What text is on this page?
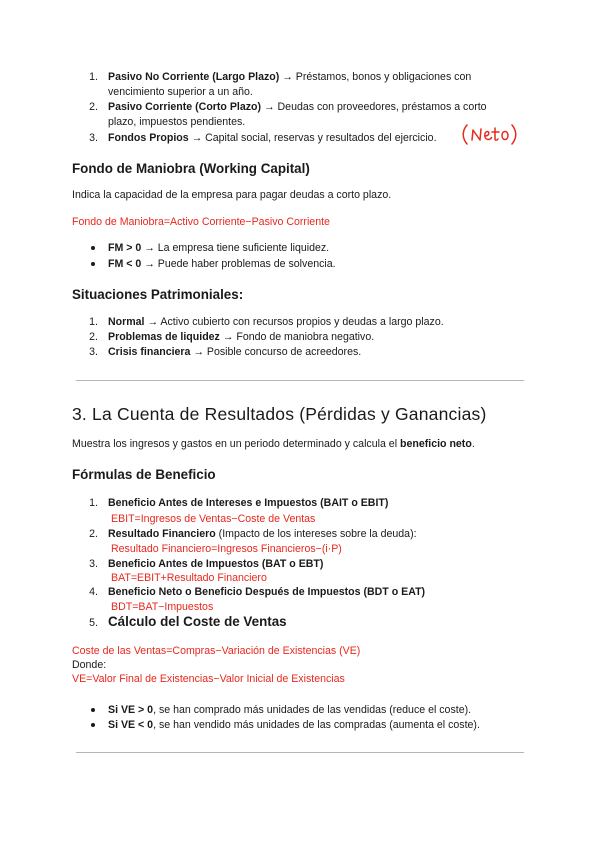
1. Pasivo No Corriente (Largo Plazo) → Préstamos, bonos y obligaciones con
vencimiento superior a un año.
2. Pasivo Corriente (Corto Plazo) → Deudas con proveedores, préstamos a corto
plazo, impuestos pendientes.
3. Fondos Propios → Capital social, reservas y resultados del ejercicio.
Fondo de Maniobra (Working Capital)
Indica la capacidad de la empresa para pagar deudas a corto plazo.
Fondo de Maniobra=Activo Corriente−Pasivo Corriente
FM > 0 → La empresa tiene suficiente liquidez.
FM < 0 → Puede haber problemas de solvencia.
Situaciones Patrimoniales:
1. Normal → Activo cubierto con recursos propios y deudas a largo plazo.
2. Problemas de liquidez → Fondo de maniobra negativo.
3. Crisis financiera → Posible concurso de acreedores.
3. La Cuenta de Resultados (Pérdidas y Ganancias)
Muestra los ingresos y gastos en un periodo determinado y calcula el beneficio neto.
Fórmulas de Beneficio
1. Beneficio Antes de Intereses e Impuestos (BAIT o EBIT)
EBIT=Ingresos de Ventas−Coste de Ventas
2. Resultado Financiero (Impacto de los intereses sobre la deuda):
Resultado Financiero=Ingresos Financieros−(i·P)
3. Beneficio Antes de Impuestos (BAT o EBT)
BAT=EBIT+Resultado Financiero
4. Beneficio Neto o Beneficio Después de Impuestos (BDT o EAT)
BDT=BAT−Impuestos
5. Cálculo del Coste de Ventas
Coste de las Ventas=Compras−Variación de Existencias (VE)
Donde:
VE=Valor Final de Existencias−Valor Inicial de Existencias
Si VE > 0, se han comprado más unidades de las vendidas (reduce el coste).
Si VE < 0, se han vendido más unidades de las compradas (aumenta el coste).
